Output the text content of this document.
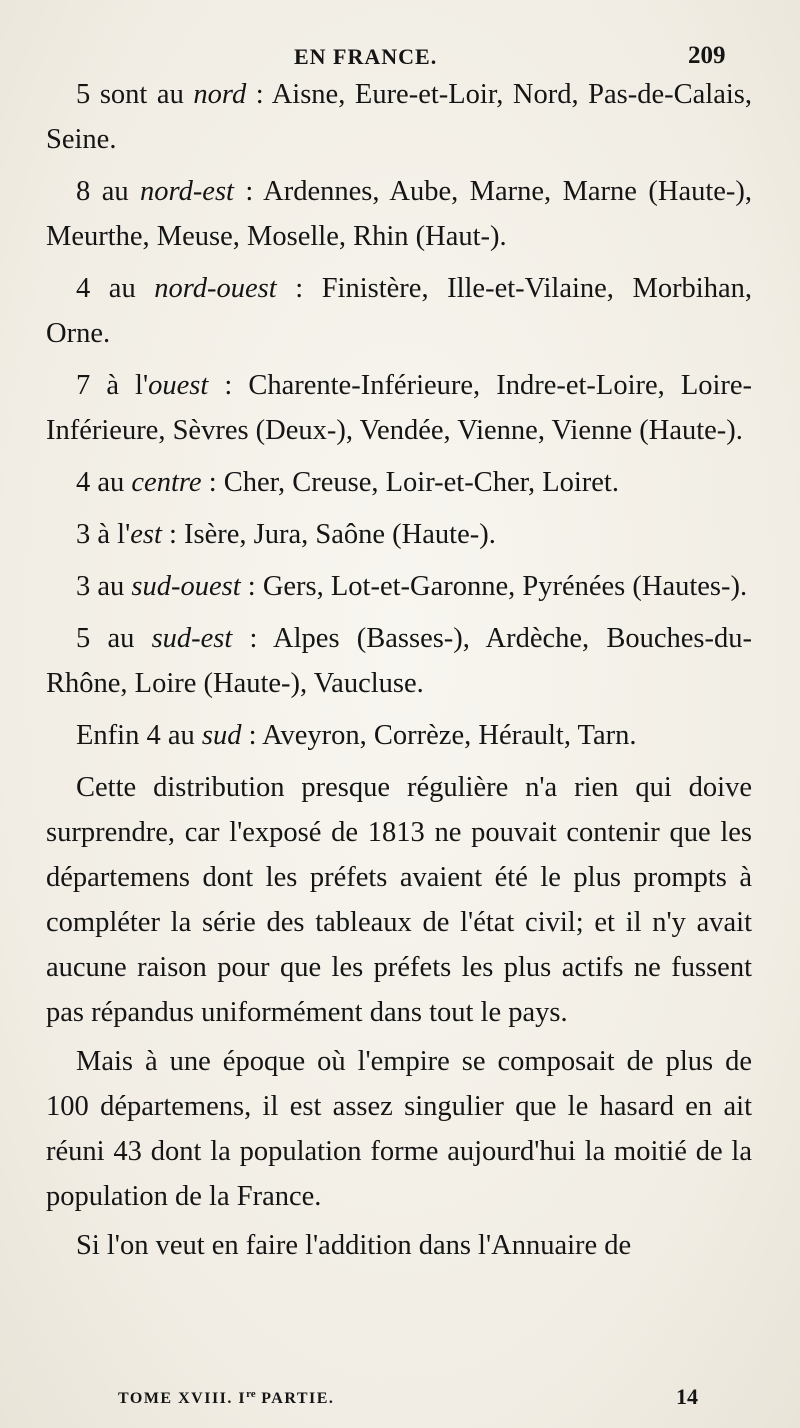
EN FRANCE.	209

5 sont au nord : Aisne, Eure-et-Loir, Nord, Pas-de-Calais, Seine.

8 au nord-est : Ardennes, Aube, Marne, Marne (Haute-), Meurthe, Meuse, Moselle, Rhin (Haut-).

4 au nord-ouest : Finistère, Ille-et-Vilaine, Morbihan, Orne.

7 à l'ouest : Charente-Inférieure, Indre-et-Loire, Loire-Inférieure, Sèvres (Deux-), Vendée, Vienne, Vienne (Haute-).

4 au centre : Cher, Creuse, Loir-et-Cher, Loiret.

3 à l'est : Isère, Jura, Saône (Haute-).

3 au sud-ouest : Gers, Lot-et-Garonne, Pyrénées (Hautes-).

5 au sud-est : Alpes (Basses-), Ardèche, Bouches-du-Rhône, Loire (Haute-), Vaucluse.

Enfin 4 au sud : Aveyron, Corrèze, Hérault, Tarn.

Cette distribution presque régulière n'a rien qui doive surprendre, car l'exposé de 1813 ne pouvait contenir que les départemens dont les préfets avaient été le plus prompts à compléter la série des tableaux de l'état civil; et il n'y avait aucune raison pour que les préfets les plus actifs ne fussent pas répandus uniformément dans tout le pays.

Mais à une époque où l'empire se composait de plus de 100 départemens, il est assez singulier que le hasard en ait réuni 43 dont la population forme aujourd'hui la moitié de la population de la France.

Si l'on veut en faire l'addition dans l'Annuaire de

TOME XVIII. Ire PARTIE.	14
